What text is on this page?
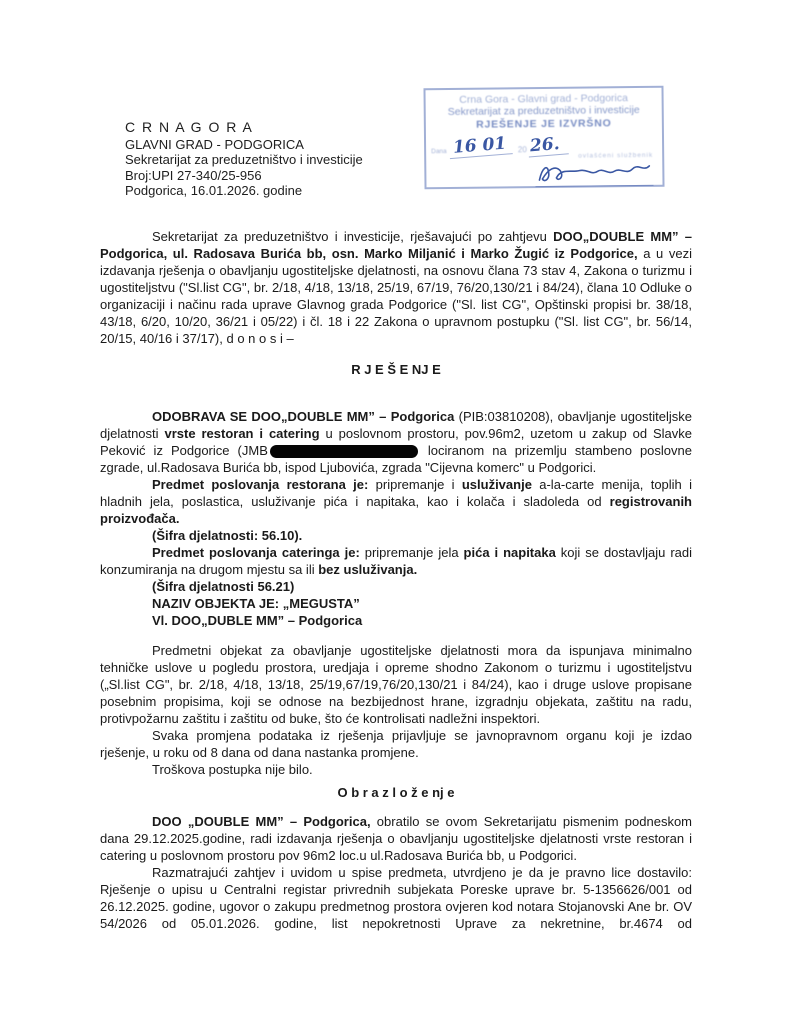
C R N A G O R A
GLAVNI GRAD - PODGORICA
Sekretarijat za preduzetništvo i investicije
Broj:UPI 27-340/25-956
Podgorica, 16.01.2026. godine
Crna Gora - Glavni grad - Podgorica
Sekretarijat za preduzetništvo i investicije
RJEŠENJE JE IZVRŠNO
Dana 16 01	20 26.	ovlašćeni službenik

Sekretarijat za preduzetništvo i investicije, rješavajući po zahtjevu DOO„DOUBLE MM” – Podgorica, ul. Radosava Burića bb, osn. Marko Miljanić i Marko Žugić iz Podgorice, a u vezi izdavanja rješenja o obavljanju ugostiteljske djelatnosti, na osnovu člana 73 stav 4, Zakona o turizmu i ugostiteljstvu ("Sl.list CG", br. 2/18, 4/18, 13/18, 25/19, 67/19, 76/20,130/21 i 84/24), člana 10 Odluke o organizaciji i načinu rada uprave Glavnog grada Podgorice ("Sl. list CG", Opštinski propisi br. 38/18, 43/18, 6/20, 10/20, 36/21 i 05/22) i čl. 18 i 22 Zakona o upravnom postupku ("Sl. list CG", br. 56/14, 20/15, 40/16 i 37/17), d o n o s i –

R J E Š E NJ E

ODOBRAVA SE DOO„DOUBLE MM” – Podgorica (PIB:03810208), obavljanje ugostiteljske djelatnosti vrste restoran i catering u poslovnom prostoru, pov.96m2, uzetom u zakup od Slavke Peković iz Podgorice (JMB	lociranom na prizemlju stambeno poslovne zgrade, ul.Radosava Burića bb, ispod Ljubovića, zgrada "Cijevna komerc" u Podgorici.

Predmet poslovanja restorana je: pripremanje i usluživanje a-la-carte menija, toplih i hladnih jela, poslastica, usluživanje pića i napitaka, kao i kolača i sladoleda od registrovanih proizvođača.

(Šifra djelatnosti: 56.10).

Predmet poslovanja cateringa je: pripremanje jela pića i napitaka koji se dostavljaju radi konzumiranja na drugom mjestu sa ili bez usluživanja.

(Šifra djelatnosti 56.21)

NAZIV OBJEKTA JE: „MEGUSTA”

Vl. DOO„DUBLE MM” – Podgorica

Predmetni objekat za obavljanje ugostiteljske djelatnosti mora da ispunjava minimalno tehničke uslove u pogledu prostora, uredjaja i opreme shodno Zakonom o turizmu i ugostiteljstvu („Sl.list CG", br. 2/18, 4/18, 13/18, 25/19,67/19,76/20,130/21 i 84/24), kao i druge uslove propisane posebnim propisima, koji se odnose na bezbijednost hrane, izgradnju objekata, zaštitu na radu, protivpožarnu zaštitu i zaštitu od buke, što će kontrolisati nadležni inspektori.

Svaka promjena podataka iz rješenja prijavljuje se javnopravnom organu koji je izdao rješenje, u roku od 8 dana od dana nastanka promjene.

Troškova postupka nije bilo.

O b r a z l o ž e nj e

DOO „DOUBLE MM” – Podgorica, obratilo se ovom Sekretarijatu pismenim podneskom dana 29.12.2025.godine, radi izdavanja rješenja o obavljanju ugostiteljske djelatnosti vrste restoran i catering u poslovnom prostoru pov 96m2 loc.u ul.Radosava Burića bb, u Podgorici.

Razmatrajući zahtjev i uvidom u spise predmeta, utvrdjeno je da je pravno lice dostavilo: Rješenje o upisu u Centralni registar privrednih subjekata Poreske uprave br. 5-1356626/001 od 26.12.2025. godine, ugovor o zakupu predmetnog prostora ovjeren kod notara Stojanovski Ane br. OV 54/2026 od 05.01.2026. godine, list nepokretnosti Uprave za nekretnine, br.4674 od
